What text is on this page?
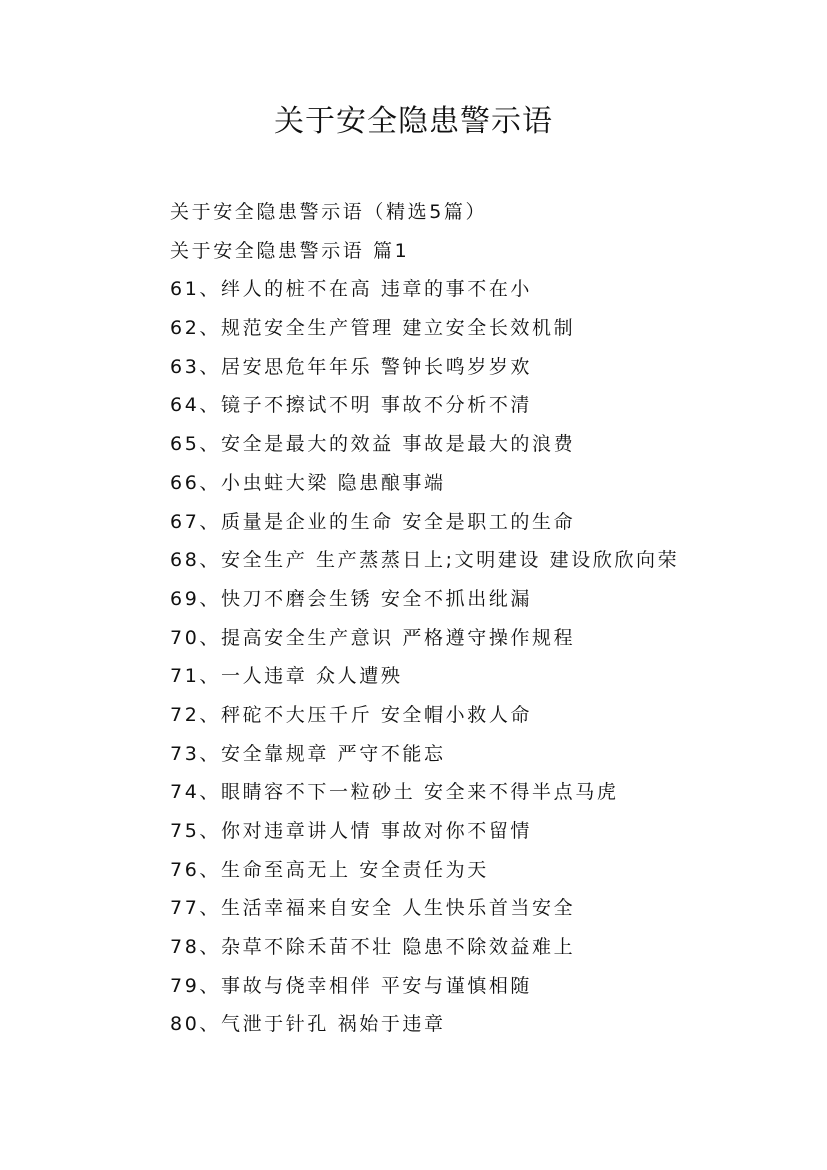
关于安全隐患警示语
关于安全隐患警示语（精选5篇）
关于安全隐患警示语 篇1
61、绊人的桩不在高 违章的事不在小
62、规范安全生产管理 建立安全长效机制
63、居安思危年年乐 警钟长鸣岁岁欢
64、镜子不擦试不明 事故不分析不清
65、安全是最大的效益 事故是最大的浪费
66、小虫蛀大梁 隐患酿事端
67、质量是企业的生命 安全是职工的生命
68、安全生产 生产蒸蒸日上;文明建设 建设欣欣向荣
69、快刀不磨会生锈 安全不抓出纰漏
70、提高安全生产意识 严格遵守操作规程
71、一人违章 众人遭殃
72、秤砣不大压千斤 安全帽小救人命
73、安全靠规章 严守不能忘
74、眼睛容不下一粒砂土 安全来不得半点马虎
75、你对违章讲人情 事故对你不留情
76、生命至高无上 安全责任为天
77、生活幸福来自安全 人生快乐首当安全
78、杂草不除禾苗不壮 隐患不除效益难上
79、事故与侥幸相伴 平安与谨慎相随
80、气泄于针孔 祸始于违章
